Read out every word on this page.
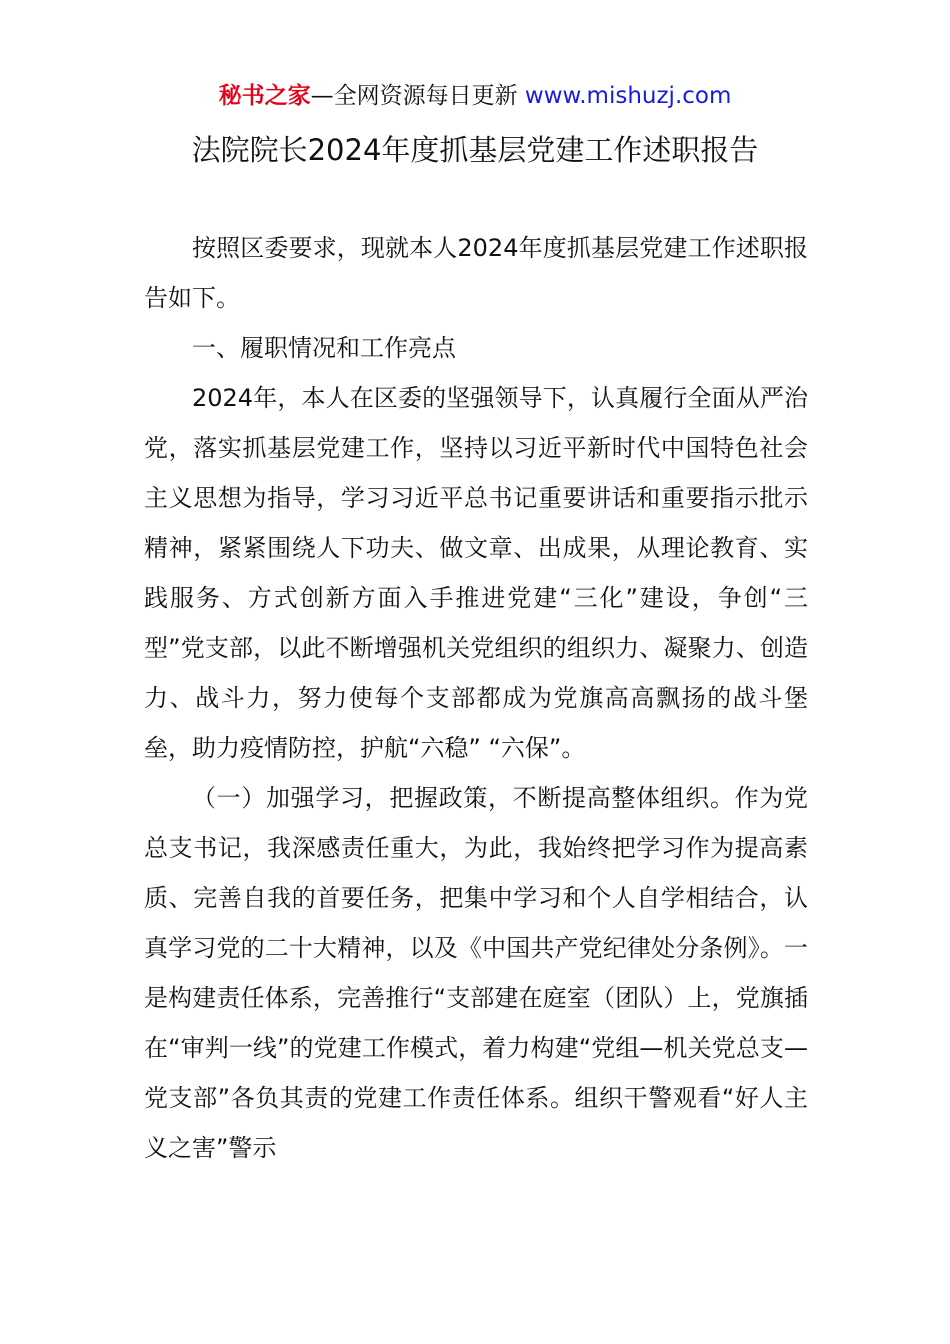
秘书之家—全网资源每日更新 www.mishuzj.com
法院院长2024年度抓基层党建工作述职报告

按照区委要求，现就本人2024年度抓基层党建工作述职报告如下。

一、履职情况和工作亮点

2024年，本人在区委的坚强领导下，认真履行全面从严治党，落实抓基层党建工作，坚持以习近平新时代中国特色社会主义思想为指导，学习习近平总书记重要讲话和重要指示批示精神，紧紧围绕人下功夫、做文章、出成果，从理论教育、实践服务、方式创新方面入手推进党建“三化”建设，争创“三型”党支部，以此不断增强机关党组织的组织力、凝聚力、创造力、战斗力，努力使每个支部都成为党旗高高飘扬的战斗堡垒，助力疫情防控，护航“六稳” “六保”。

（一）加强学习，把握政策，不断提高整体组织。作为党总支书记，我深感责任重大，为此，我始终把学习作为提高素质、完善自我的首要任务，把集中学习和个人自学相结合，认真学习党的二十大精神，以及《中国共产党纪律处分条例》。一是构建责任体系，完善推行“支部建在庭室（团队）上，党旗插在“审判一线”的党建工作模式，着力构建“党组—机关党总支—党支部”各负其责的党建工作责任体系。组织干警观看“好人主义之害”警示
